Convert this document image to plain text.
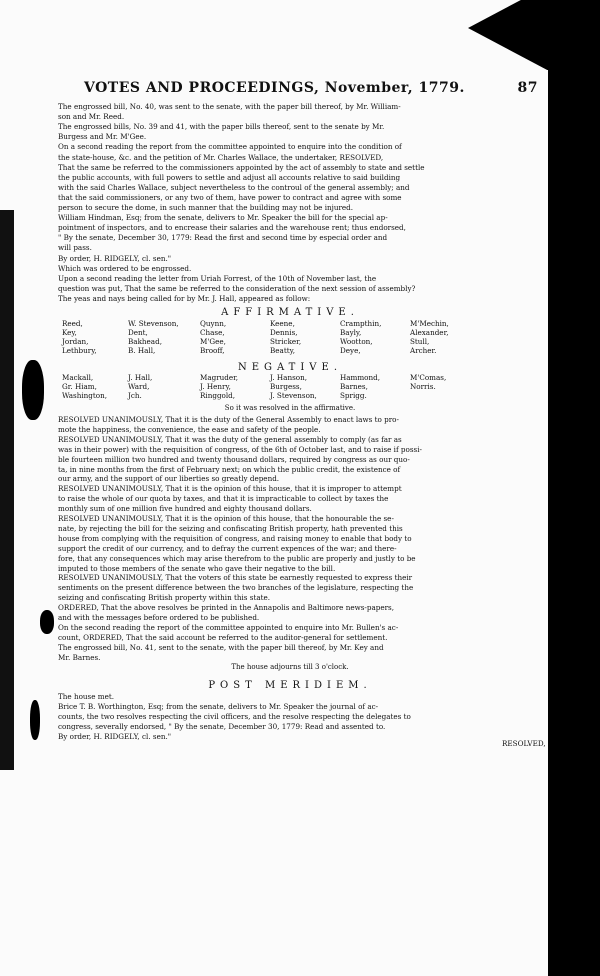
VOTES AND PROCEEDINGS, November, 1779.	87
The engrossed bill, No. 40, was sent to the senate, with the paper bill thereof, by Mr. William-
son and Mr. Reed.
The engrossed bills, No. 39 and 41, with the paper bills thereof, sent to the senate by Mr.
Burgess and Mr. M'Gee.
On a second reading the report from the committee appointed to enquire into the condition of
the state-house, &c. and the petition of Mr. Charles Wallace, the undertaker, RESOLVED,
That the same be referred to the commissioners appointed by the act of assembly to state and settle
the public accounts, with full powers to settle and adjust all accounts relative to said building
with the said Charles Wallace, subject nevertheless to the controul of the general assembly; and
that the said commissioners, or any two of them, have power to contract and agree with some
person to secure the dome, in such manner that the building may not be injured.
William Hindman, Esq; from the senate, delivers to Mr. Speaker the bill for the special ap-
pointment of inspectors, and to encrease their salaries and the warehouse rent; thus endorsed,
" By the senate, December 30, 1779: Read the first and second time by especial order and
will pass.
By order, H. RIDGELY, cl. sen."
Which was ordered to be engrossed.
Upon a second reading the letter from Uriah Forrest, of the 10th of November last, the
question was put, That the same be referred to the consideration of the next session of assembly?
The yeas and nays being called for by Mr. J. Hall, appeared as follow:
AFFIRMATIVE.
Reed,
Key,
Jordan,
Lethbury,
W. Stevenson,
Dent,
Bakhead,
B. Hall,
Quynn,
Chase,
M'Gee,
Brooff,
Keene,
Dennis,
Stricker,
Beatty,
Crampthin,
Bayly,
Wootton,
Deye,
M'Mechin,
Alexander,
Stull,
Archer.
NEGATIVE.
Mackall,
Gr. Hiam,
Washington,
J. Hall,
Ward,
Jch.
Magruder,
J. Henry,
Ringgold,
J. Hanson,
Burgess,
J. Stevenson,
Hammond,
Barnes,
Sprigg.
M'Comas,
Norris.
So it was resolved in the affirmative.
RESOLVED UNANIMOUSLY, That it is the duty of the General Assembly to enact laws to pro-
mote the happiness, the convenience, the ease and safety of the people.
RESOLVED UNANIMOUSLY, That it was the duty of the general assembly to comply (as far as
was in their power) with the requisition of congress, of the 6th of October last, and to raise if possi-
ble fourteen million two hundred and twenty thousand dollars, required by congress as our quo-
ta, in nine months from the first of February next; on which the public credit, the existence of
our army, and the support of our liberties so greatly depend.
RESOLVED UNANIMOUSLY, That it is the opinion of this house, that it is improper to attempt
to raise the whole of our quota by taxes, and that it is impracticable to collect by taxes the
monthly sum of one million five hundred and eighty thousand dollars.
RESOLVED UNANIMOUSLY, That it is the opinion of this house, that the honourable the se-
nate, by rejecting the bill for the seizing and confiscating British property, hath prevented this
house from complying with the requisition of congress, and raising money to enable that body to
support the credit of our currency, and to defray the current expences of the war; and there-
fore, that any consequences which may arise therefrom to the public are properly and justly to be
imputed to those members of the senate who gave their negative to the bill.
RESOLVED UNANIMOUSLY, That the voters of this state be earnestly requested to express their
sentiments on the present difference between the two branches of the legislature, respecting the
seizing and confiscating British property within this state.
ORDERED, That the above resolves be printed in the Annapolis and Baltimore news-papers,
and with the messages before ordered to be published.
On the second reading the report of the committee appointed to enquire into Mr. Bullen's ac-
count, ORDERED, That the said account be referred to the auditor-general for settlement.
The engrossed bill, No. 41, sent to the senate, with the paper bill thereof, by Mr. Key and
Mr. Barnes.
The house adjourns till 3 o'clock.
POST MERIDIEM.
The house met.
Brice T. B. Worthington, Esq; from the senate, delivers to Mr. Speaker the journal of ac-
counts, the two resolves respecting the civil officers, and the resolve respecting the delegates to
congress, severally endorsed, " By the senate, December 30, 1779: Read and assented to.
By order, H. RIDGELY, cl. sen."
RESOLVED,
